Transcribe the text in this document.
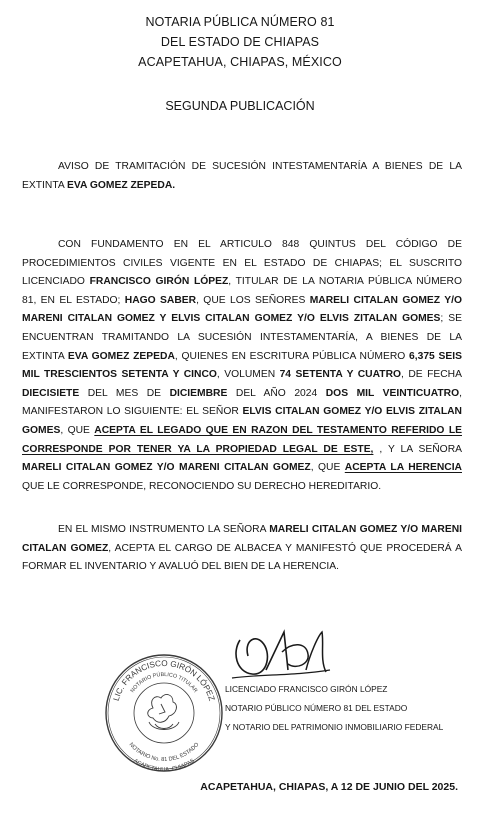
NOTARIA PÚBLICA NÚMERO 81
DEL ESTADO DE CHIAPAS
ACAPETAHUA, CHIAPAS, MÉXICO
SEGUNDA PUBLICACIÓN
AVISO DE TRAMITACIÓN DE SUCESIÓN INTESTAMENTARÍA A BIENES DE LA EXTINTA EVA GOMEZ ZEPEDA.
CON FUNDAMENTO EN EL ARTICULO 848 QUINTUS DEL CÓDIGO DE PROCEDIMIENTOS CIVILES VIGENTE EN EL ESTADO DE CHIAPAS; EL SUSCRITO LICENCIADO FRANCISCO GIRÓN LÓPEZ, TITULAR DE LA NOTARIA PÚBLICA NÚMERO 81, EN EL ESTADO; HAGO SABER, QUE LOS SEÑORES MARELI CITALAN GOMEZ Y/O MARENI CITALAN GOMEZ Y ELVIS CITALAN GOMEZ Y/O ELVIS ZITALAN GOMES; SE ENCUENTRAN TRAMITANDO LA SUCESIÓN INTESTAMENTARÍA, A BIENES DE LA EXTINTA EVA GOMEZ ZEPEDA, QUIENES EN ESCRITURA PÚBLICA NÚMERO 6,375 SEIS MIL TRESCIENTOS SETENTA Y CINCO, VOLUMEN 74 SETENTA Y CUATRO, DE FECHA DIECISIETE DEL MES DE DICIEMBRE DEL AÑO 2024 DOS MIL VEINTICUATRO, MANIFESTARON LO SIGUIENTE: EL SEÑOR ELVIS CITALAN GOMEZ Y/O ELVIS ZITALAN GOMES, QUE ACEPTA EL LEGADO QUE EN RAZON DEL TESTAMENTO REFERIDO LE CORRESPONDE POR TENER YA LA PROPIEDAD LEGAL DE ESTE, , Y LA SEÑORA MARELI CITALAN GOMEZ Y/O MARENI CITALAN GOMEZ, QUE ACEPTA LA HERENCIA QUE LE CORRESPONDE, RECONOCIENDO SU DERECHO HEREDITARIO.
EN EL MISMO INSTRUMENTO LA SEÑORA MARELI CITALAN GOMEZ Y/O MARENI CITALAN GOMEZ, ACEPTA EL CARGO DE ALBACEA Y MANIFESTÓ QUE PROCEDERÁ A FORMAR EL INVENTARIO Y AVALUÓ DEL BIEN DE LA HERENCIA.
LIC. FRANCISCO GIRÓN LÓPEZ
NOTARIO PÚBLICO TITULAR
NOTARIO No. 81 DEL ESTADO
ACAPETAHUA, CHIAPAS
LICENCIADO FRANCISCO GIRÓN LÓPEZ
NOTARIO PÚBLICO NÚMERO 81 DEL ESTADO
Y NOTARIO DEL PATRIMONIO INMOBILIARIO FEDERAL
ACAPETAHUA, CHIAPAS, A 12 DE JUNIO DEL 2025.
